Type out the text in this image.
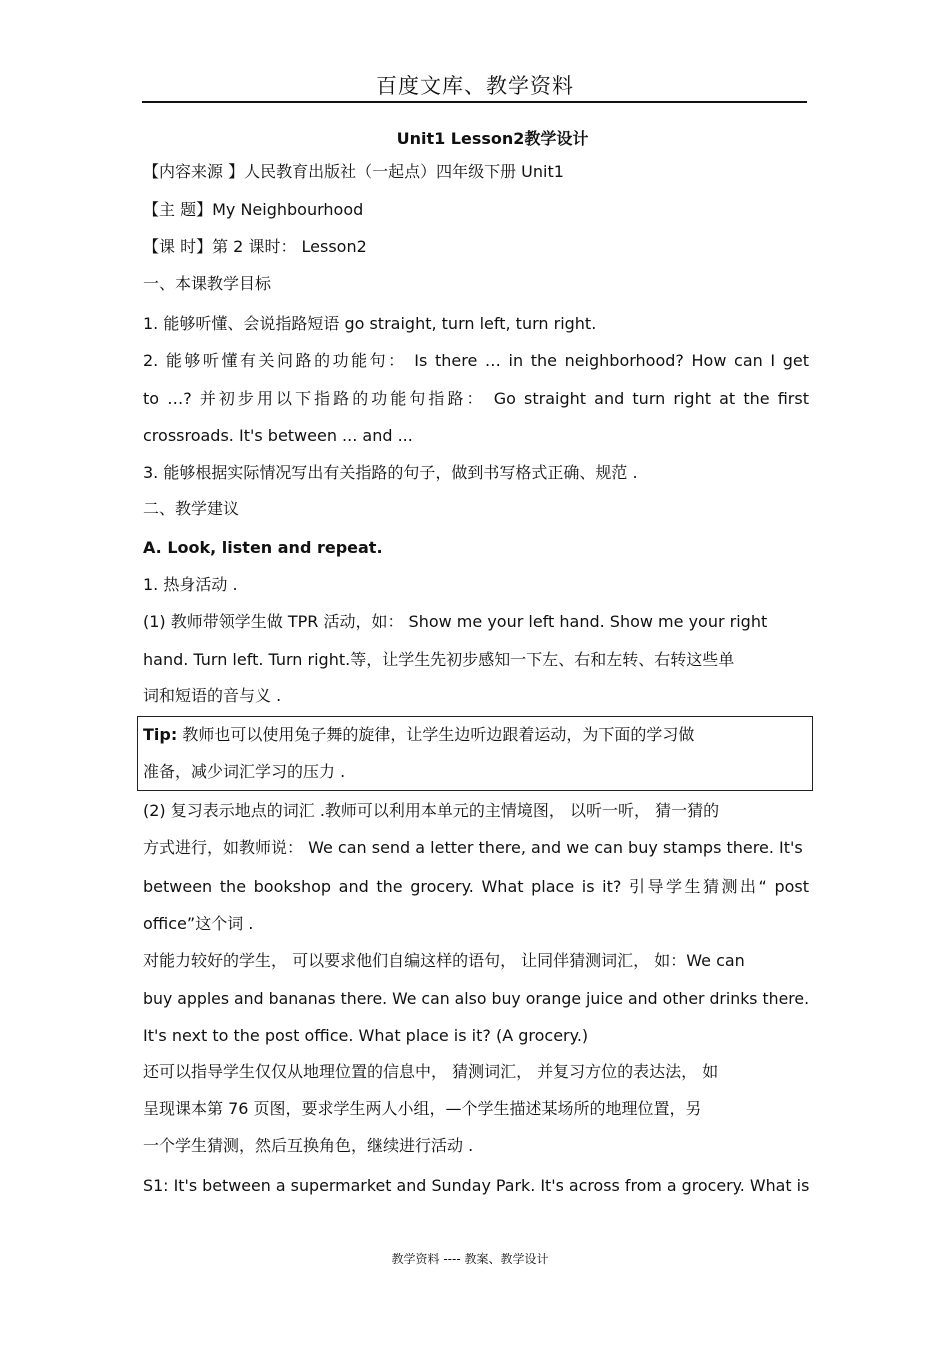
百度文库、教学资料
Unit1 Lesson2教学设计
【内容来源 】人民教育出版社（一起点）四年级下册 Unit1
【主 题】My Neighbourhood
【课 时】第 2 课时： Lesson2
一、本课教学目标
1. 能够听懂、会说指路短语 go straight, turn left, turn right.
2. 能够听懂有关问路的功能句： Is there … in the neighborhood? How can I get
to …? 并初步用以下指路的功能句指路： Go straight and turn right at the first
crossroads. It's between ... and ...
3. 能够根据实际情况写出有关指路的句子，做到书写格式正确、规范 .
二、教学建议
A. Look, listen and repeat.
1. 热身活动 .
(1) 教师带领学生做 TPR 活动，如： Show me your left hand. Show me your right
hand. Turn left. Turn right.等，让学生先初步感知一下左、右和左转、右转这些单
词和短语的音与义 .
Tip: 教师也可以使用兔子舞的旋律，让学生边听边跟着运动，为下面的学习做
准备，减少词汇学习的压力 .
(2) 复习表示地点的词汇 .教师可以利用本单元的主情境图， 以听一听， 猜一猜的
方式进行，如教师说： We can send a letter there, and we can buy stamps there. It's
between the bookshop and the grocery. What place is it? 引导学生猜测出“ post
office”这个词 .
对能力较好的学生， 可以要求他们自编这样的语句， 让同伴猜测词汇， 如：We can
buy apples and bananas there. We can also buy orange juice and other drinks there.
It's next to the post office. What place is it? (A grocery.)
还可以指导学生仅仅从地理位置的信息中， 猜测词汇， 并复习方位的表达法， 如
呈现课本第 76 页图，要求学生两人小组，—个学生描述某场所的地理位置，另
一个学生猜测，然后互换角色，继续进行活动 .
S1: It's between a supermarket and Sunday Park. It's across from a grocery. What is
教学资料 ---- 教案、教学设计
